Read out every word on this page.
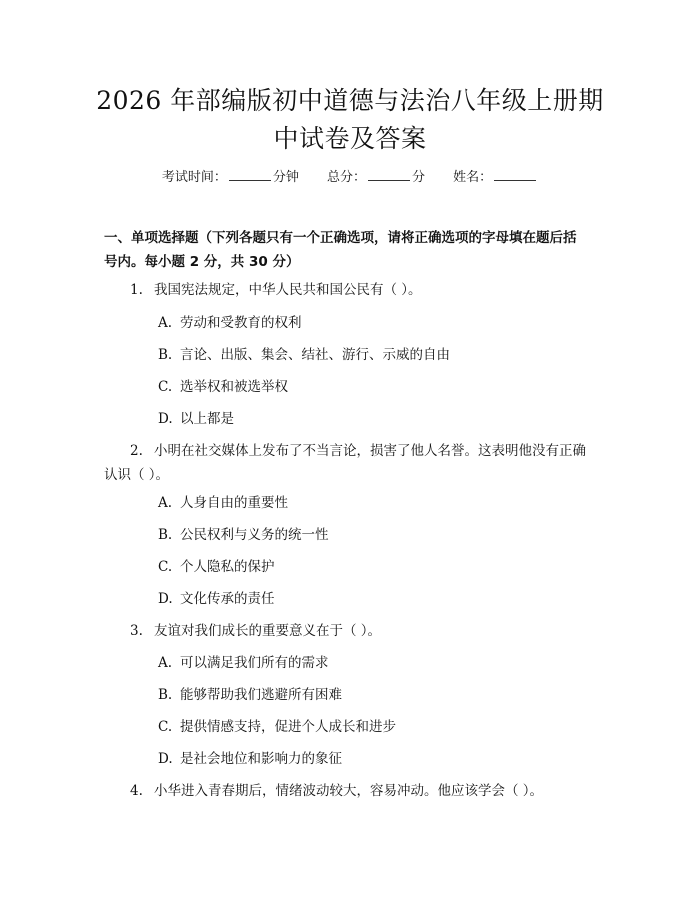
2026 年部编版初中道德与法治八年级上册期
中试卷及答案
考试时间：	分钟 总分：	分 姓名：
一、单项选择题（下列各题只有一个正确选项，请将正确选项的字母填在题后括
号内。每小题 2 分，共 30 分）
1. 我国宪法规定，中华人民共和国公民有（ ）。
A. 劳动和受教育的权利
B. 言论、出版、集会、结社、游行、示威的自由
C. 选举权和被选举权
D. 以上都是
2. 小明在社交媒体上发布了不当言论，损害了他人名誉。这表明他没有正确
认识（ ）。
A. 人身自由的重要性
B. 公民权利与义务的统一性
C. 个人隐私的保护
D. 文化传承的责任
3. 友谊对我们成长的重要意义在于（ ）。
A. 可以满足我们所有的需求
B. 能够帮助我们逃避所有困难
C. 提供情感支持，促进个人成长和进步
D. 是社会地位和影响力的象征
4. 小华进入青春期后，情绪波动较大，容易冲动。他应该学会（ ）。
